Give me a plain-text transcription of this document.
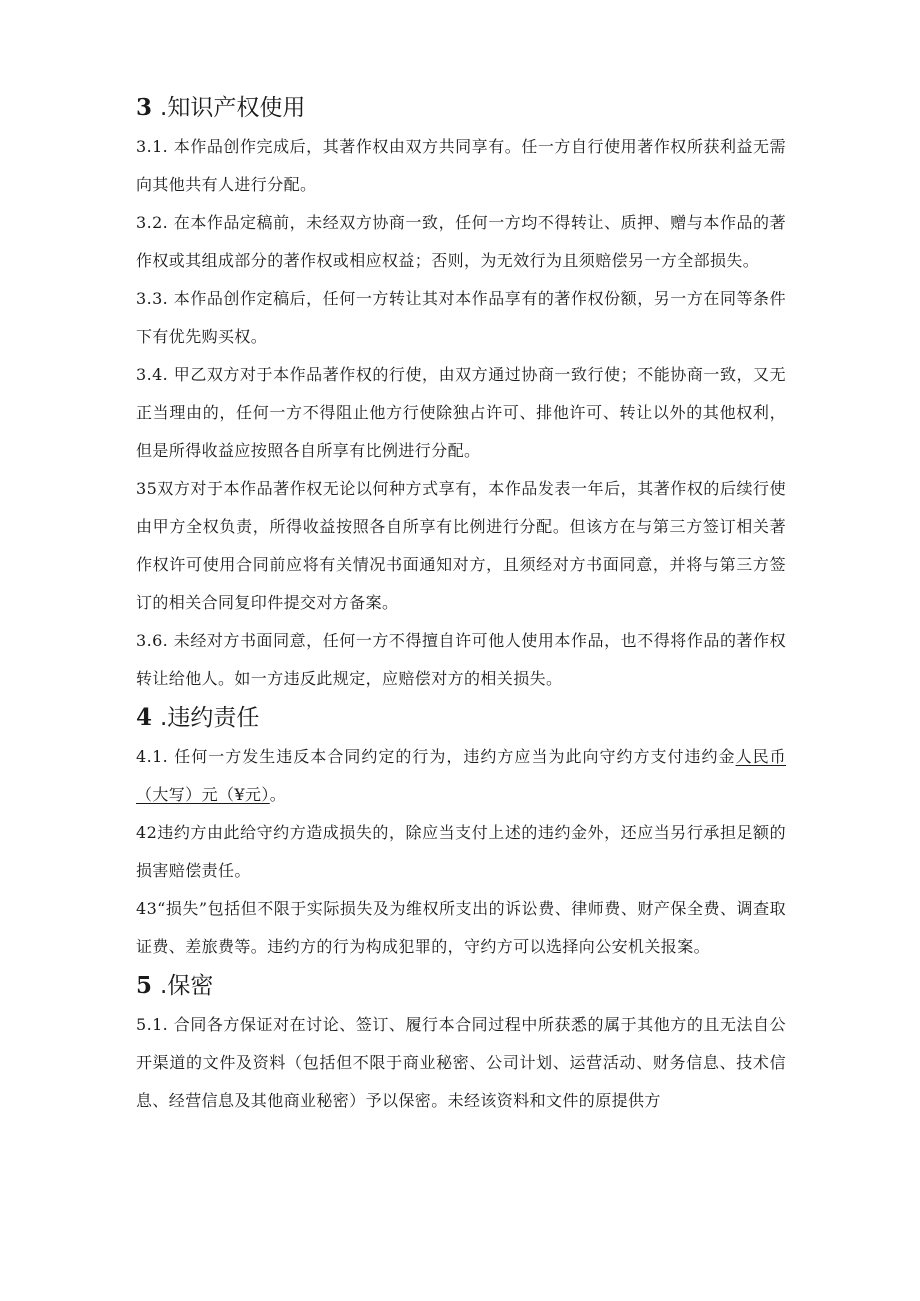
3 .知识产权使用

3.1. 本作品创作完成后，其著作权由双方共同享有。任一方自行使用著作权所获利益无需向其他共有人进行分配。

3.2. 在本作品定稿前，未经双方协商一致，任何一方均不得转让、质押、赠与本作品的著作权或其组成部分的著作权或相应权益；否则，为无效行为且须赔偿另一方全部损失。

3.3. 本作品创作定稿后，任何一方转让其对本作品享有的著作权份额，另一方在同等条件下有优先购买权。

3.4. 甲乙双方对于本作品著作权的行使，由双方通过协商一致行使；不能协商一致，又无正当理由的，任何一方不得阻止他方行使除独占许可、排他许可、转让以外的其他权利，但是所得收益应按照各自所享有比例进行分配。

35双方对于本作品著作权无论以何种方式享有，本作品发表一年后，其著作权的后续行使由甲方全权负责，所得收益按照各自所享有比例进行分配。但该方在与第三方签订相关著作权许可使用合同前应将有关情况书面通知对方，且须经对方书面同意，并将与第三方签订的相关合同复印件提交对方备案。

3.6. 未经对方书面同意，任何一方不得擅自许可他人使用本作品，也不得将作品的著作权转让给他人。如一方违反此规定，应赔偿对方的相关损失。

4 .违约责任

4.1. 任何一方发生违反本合同约定的行为，违约方应当为此向守约方支付违约金人民币（大写）元（¥元）。

42违约方由此给守约方造成损失的，除应当支付上述的违约金外，还应当另行承担足额的损害赔偿责任。

43“损失”包括但不限于实际损失及为维权所支出的诉讼费、律师费、财产保全费、调查取证费、差旅费等。违约方的行为构成犯罪的，守约方可以选择向公安机关报案。

5 .保密

5.1. 合同各方保证对在讨论、签订、履行本合同过程中所获悉的属于其他方的且无法自公开渠道的文件及资料（包括但不限于商业秘密、公司计划、运营活动、财务信息、技术信息、经营信息及其他商业秘密）予以保密。未经该资料和文件的原提供方
